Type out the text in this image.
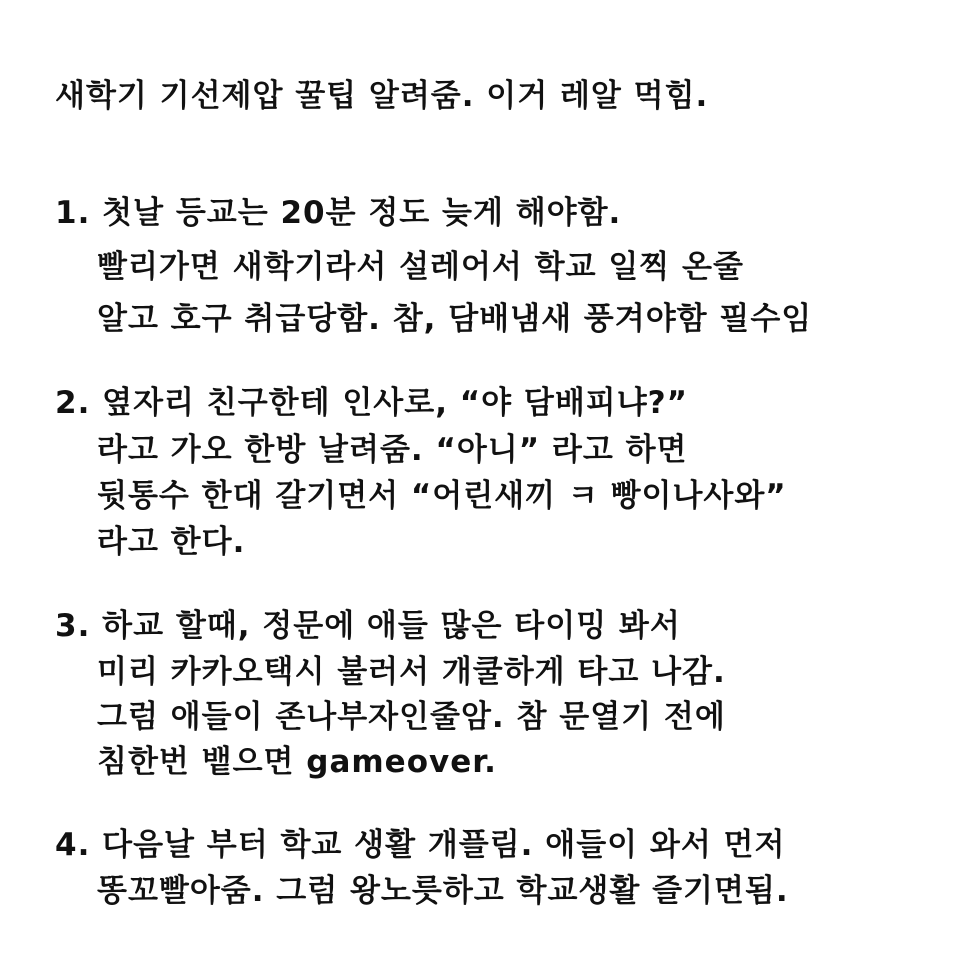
새학기 기선제압 꿀팁 알려줌. 이거 레알 먹힘.
1. 첫날 등교는 20분 정도 늦게 해야함.
빨리가면 새학기라서 설레어서 학교 일찍 온줄
알고 호구 취급당함. 참, 담배냄새 풍겨야함 필수임
2. 옆자리 친구한테 인사로, “야 담배피냐?”
라고 가오 한방 날려줌. “아니” 라고 하면
뒷통수 한대 갈기면서 “어린새끼 ㅋ 빵이나사와”
라고 한다.
3. 하교 할때, 정문에 애들 많은 타이밍 봐서
미리 카카오택시 불러서 개쿨하게 타고 나감.
그럼 애들이 존나부자인줄암. 참 문열기 전에
침한번 뱉으면 gameover.
4. 다음날 부터 학교 생활 개플림. 애들이 와서 먼저
똥꼬빨아줌. 그럼 왕노릇하고 학교생활 즐기면됨.
